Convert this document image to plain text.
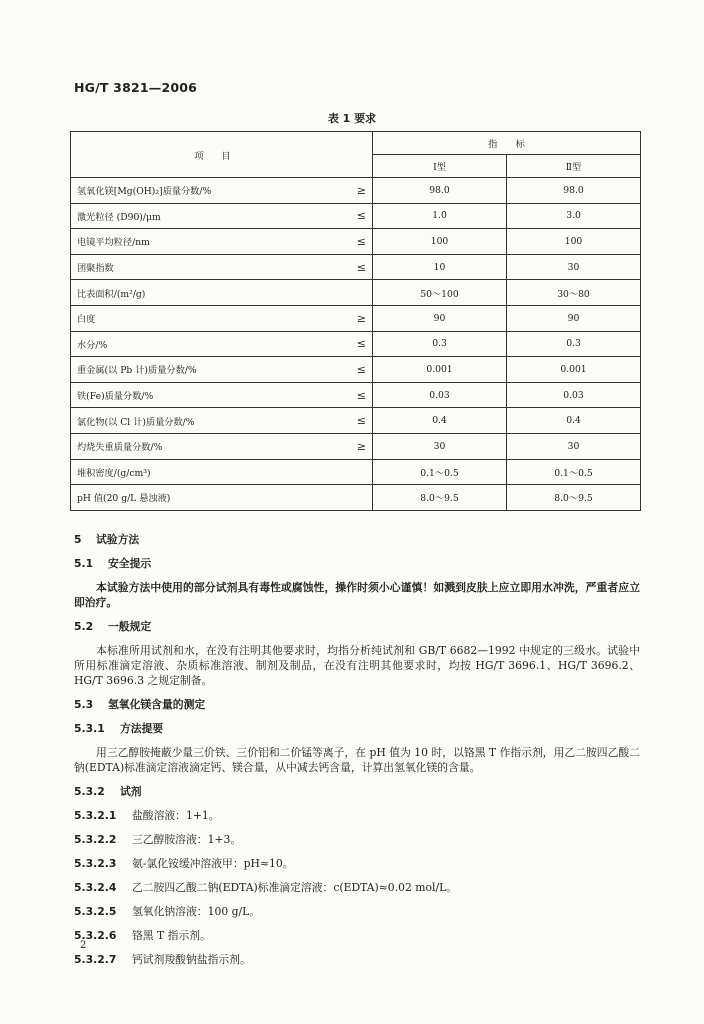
HG/T 3821—2006
表 1 要求
项目		指　　标	
		Ⅰ型	Ⅱ型
氢氧化镁[Mg(OH)₂]质量分数/%	≥	98.0	98.0
激光粒径 (D90)/μm	≤	1.0	3.0
电镜平均粒径/nm	≤	100	100
团聚指数	≤	10	30
比表面积/(m²/g)		50～100	30～80
白度	≥	90	90
水分/%	≤	0.3	0.3
重金属(以 Pb 计)质量分数/%	≤	0.001	0.001
铁(Fe)质量分数/%	≤	0.03	0.03
氯化物(以 Cl 计)质量分数/%	≤	0.4	0.4
灼烧失重质量分数/%	≥	30	30
堆积密度/(g/cm³)		0.1～0.5	0.1～0.5
pH 值(20 g/L 悬浊液)		8.0～9.5	8.0～9.5
5	试验方法
5.1	安全提示
本试验方法中使用的部分试剂具有毒性或腐蚀性，操作时须小心谨慎！如溅到皮肤上应立即用水冲洗，严重者应立即治疗。
5.2	一般规定
本标准所用试剂和水，在没有注明其他要求时，均指分析纯试剂和 GB/T 6682—1992 中规定的三级水。试验中所用标准滴定溶液、杂质标准溶液、制剂及制品，在没有注明其他要求时，均按 HG/T 3696.1、HG/T 3696.2、HG/T 3696.3 之规定制备。
5.3	氢氧化镁含量的测定
5.3.1	方法提要
用三乙醇胺掩蔽少量三价铁、三价铝和二价锰等离子，在 pH 值为 10 时，以铬黑 T 作指示剂，用乙二胺四乙酸二钠(EDTA)标准滴定溶液滴定钙、镁合量，从中减去钙含量，计算出氢氧化镁的含量。
5.3.2	试剂
5.3.2.1	盐酸溶液：1+1。
5.3.2.2	三乙醇胺溶液：1+3。
5.3.2.3	氨-氯化铵缓冲溶液甲：pH≈10。
5.3.2.4	乙二胺四乙酸二钠(EDTA)标准滴定溶液：c(EDTA)≈0.02 mol/L。
5.3.2.5	氢氧化钠溶液：100 g/L。
5.3.2.6	铬黑 T 指示剂。
5.3.2.7	钙试剂羧酸钠盐指示剂。
2
